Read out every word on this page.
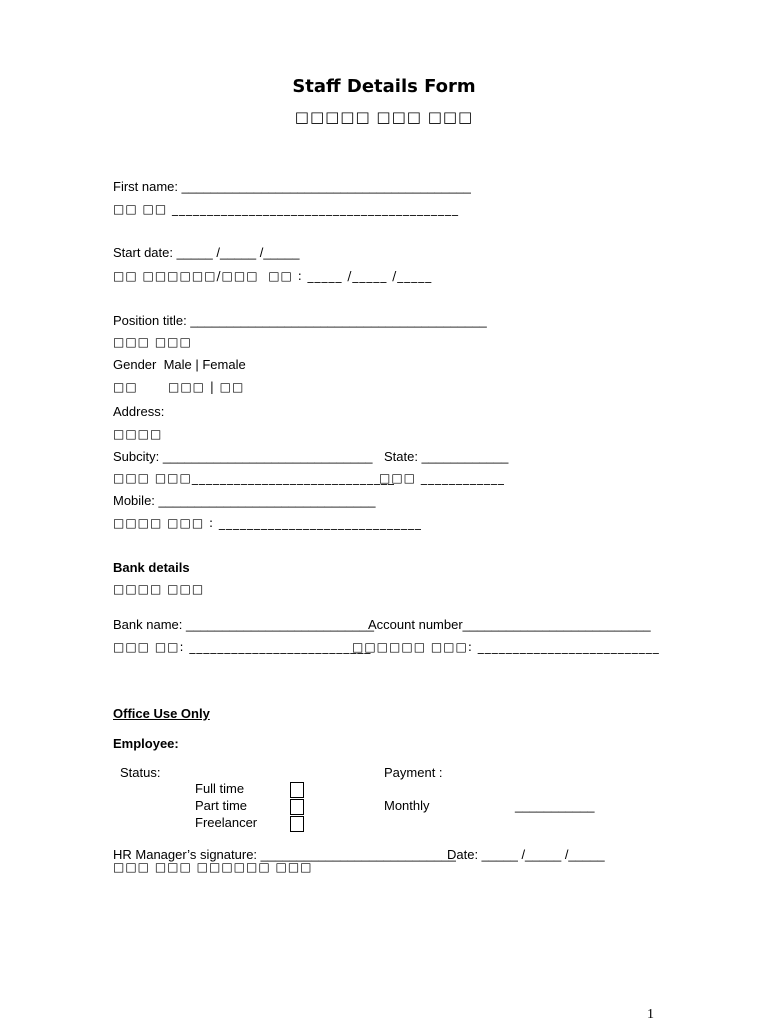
Staff Details Form
□□□□□ □□□ □□□
First name: ________________________________________
□□ □□ _________________________________________
Start date: _____ /_____ /_____
□□ □□□□□□/□□□  □□ : _____ /_____ /_____
Position title: _________________________________________
□□□ □□□
Gender  Male | Female
□□	□□□ | □□
Address:
□□□□
Subcity: _____________________________ State: ____________
□□□ □□□_____________________________
□□□ ____________
Mobile: ______________________________
□□□□ □□□ : _____________________________
Bank details
□□□□ □□□
Bank name: __________________________
Account number__________________________
□□□ □□: __________________________
□□□□□□ □□□: __________________________
Office Use Only
Employee:
Status:	Payment :
Full time
Part time
Freelancer
Monthly	___________
HR Manager’s signature: ___________________________
Date: _____ /_____ /_____
□□□ □□□ □□□□□□ □□□
1
